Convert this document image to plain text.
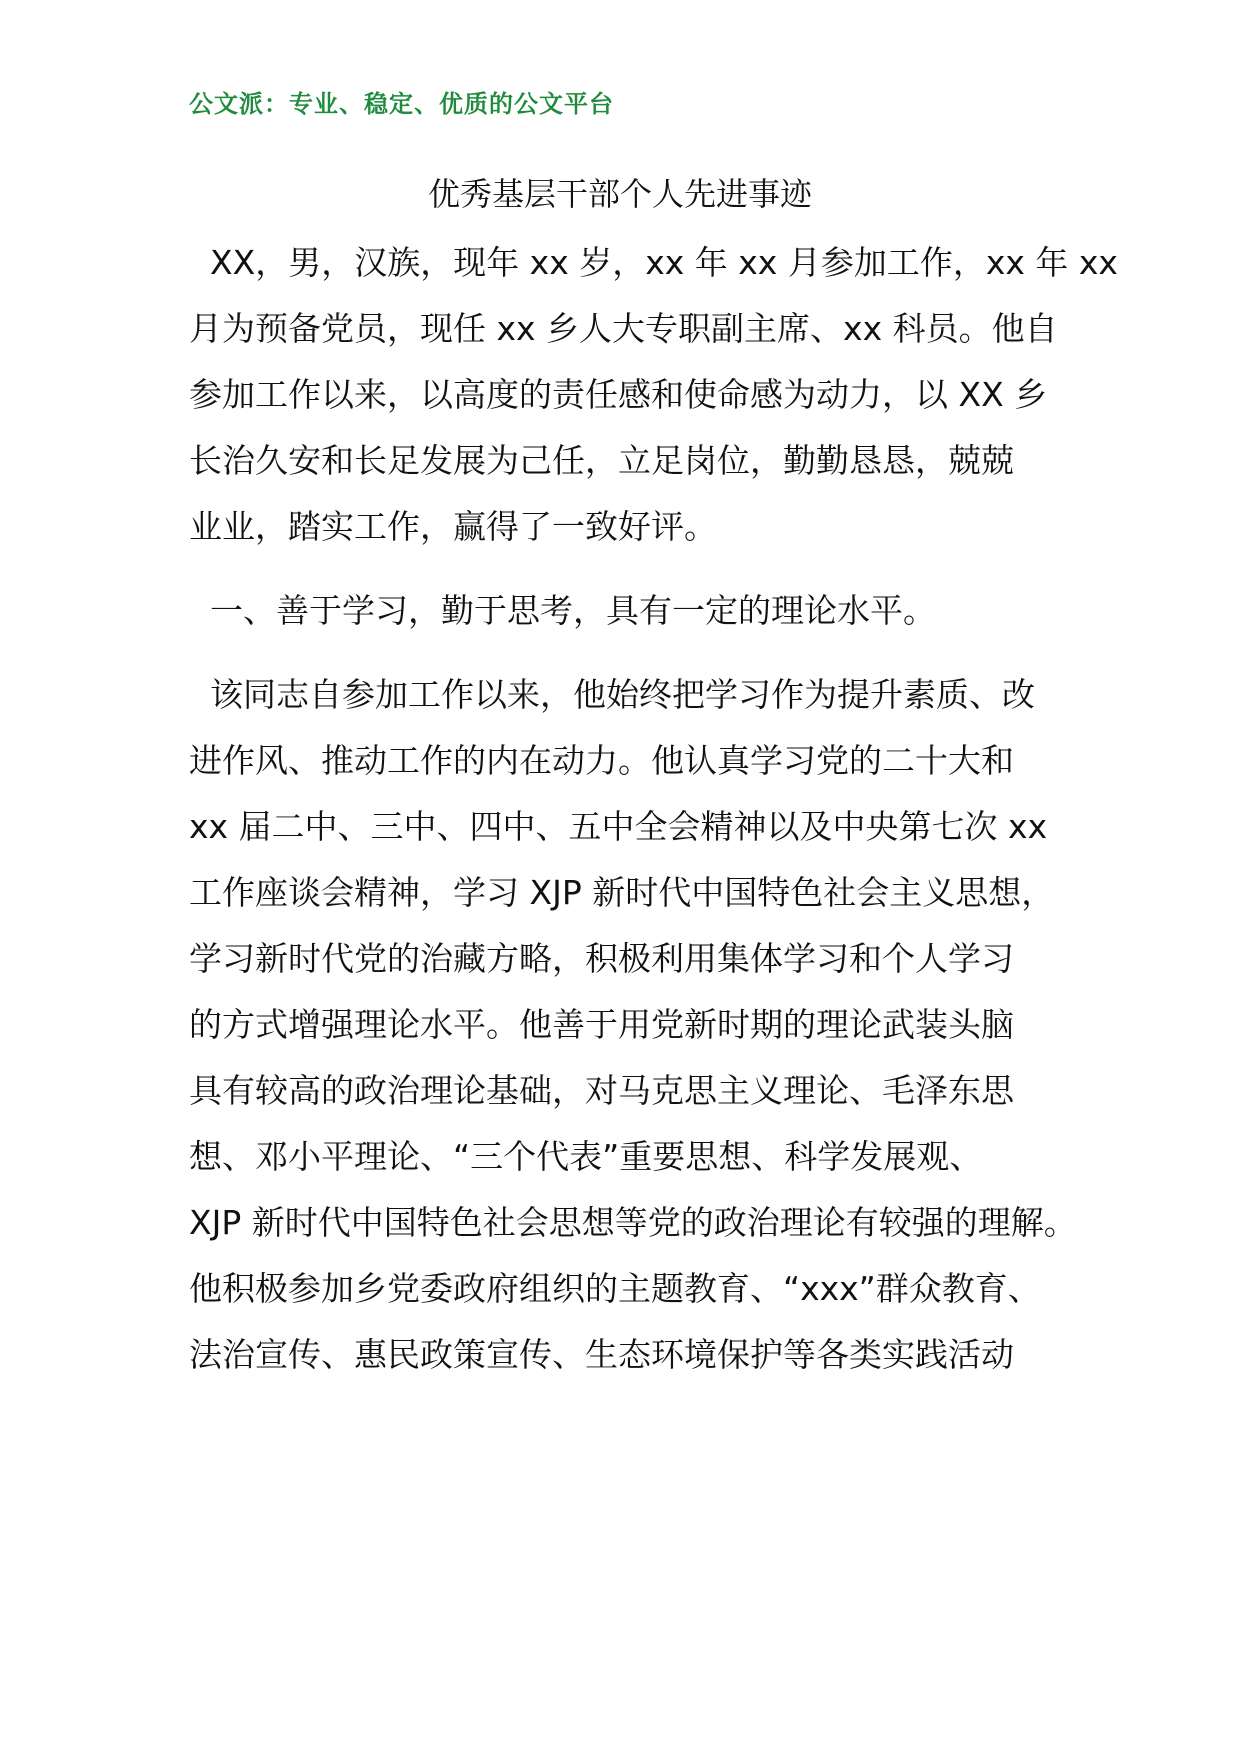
公文派：专业、稳定、优质的公文平台
优秀基层干部个人先进事迹
XX，男，汉族，现年 xx 岁，xx 年 xx 月参加工作，xx 年 xx
月为预备党员，现任 xx 乡人大专职副主席、xx 科员。他自
参加工作以来，以高度的责任感和使命感为动力，以 XX 乡
长治久安和长足发展为己任，立足岗位，勤勤恳恳，兢兢
业业，踏实工作，赢得了一致好评。
一、善于学习，勤于思考，具有一定的理论水平。
该同志自参加工作以来，他始终把学习作为提升素质、改
进作风、推动工作的内在动力。他认真学习党的二十大和
xx 届二中、三中、四中、五中全会精神以及中央第七次 xx
工作座谈会精神，学习 XJP 新时代中国特色社会主义思想，
学习新时代党的治藏方略，积极利用集体学习和个人学习
的方式增强理论水平。他善于用党新时期的理论武装头脑
具有较高的政治理论基础，对马克思主义理论、毛泽东思
想、邓小平理论、“三个代表”重要思想、科学发展观、
XJP 新时代中国特色社会思想等党的政治理论有较强的理解。
他积极参加乡党委政府组织的主题教育、“xxx”群众教育、
法治宣传、惠民政策宣传、生态环境保护等各类实践活动
